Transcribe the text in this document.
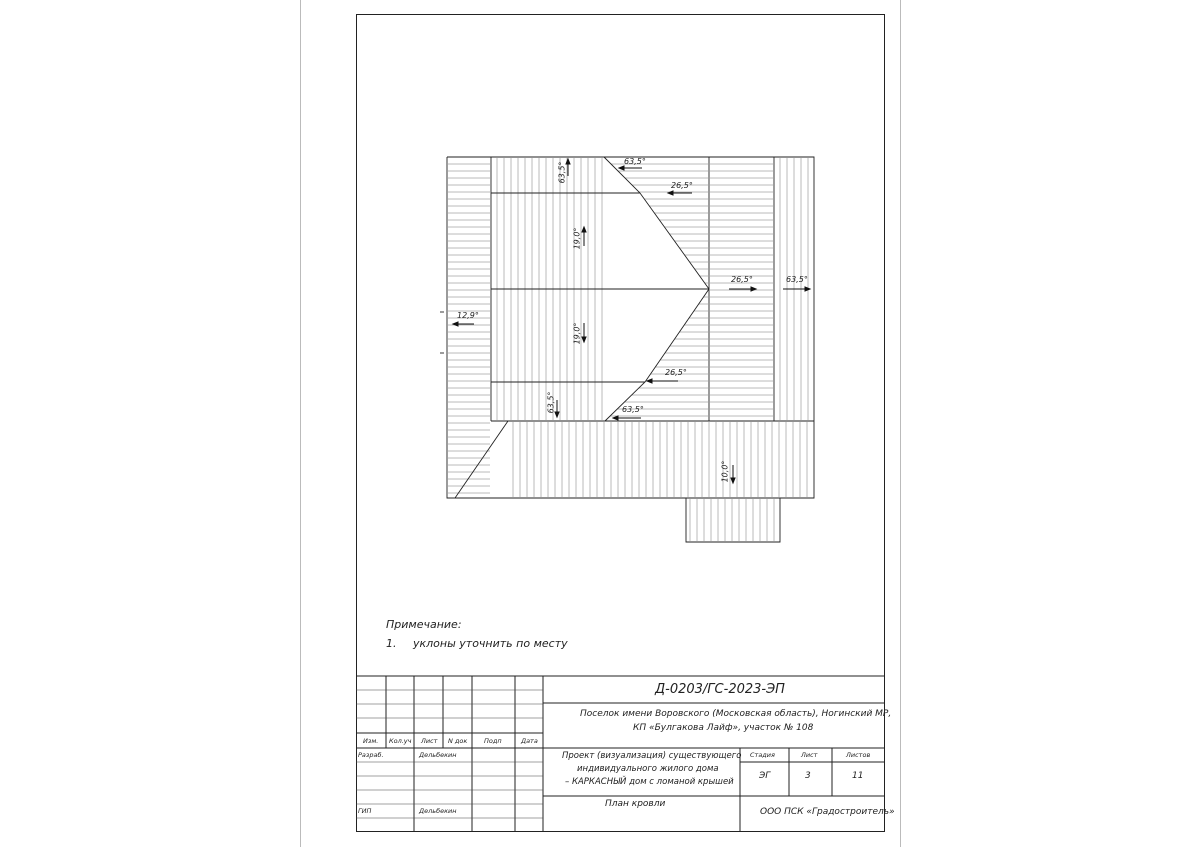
63,5°
63,5°
26,5°
19,0°
26,5°	63,5°
12,9°
19,0°
26,5°
63,5°	63,5°
10,0°
Примечание:
1. уклоны уточнить по месту
Д-0203/ГС-2023-ЭП
Поселок имени Воровского (Московская область), Ногинский МР,
КП «Булгакова Лайф», участок № 108
Проект (визуализация) существующего
индивидуального жилого дома
– КАРКАСНЫЙ дом с ломаной крышей
План кровли
ООО ПСК «Градостроитель»
Изм. Кол.уч Лист N док	Подп	Дата
Разраб.	Дельбекин
ГИП	Дельбекин
Стадия	Лист	Листов
ЭГ	3	11
